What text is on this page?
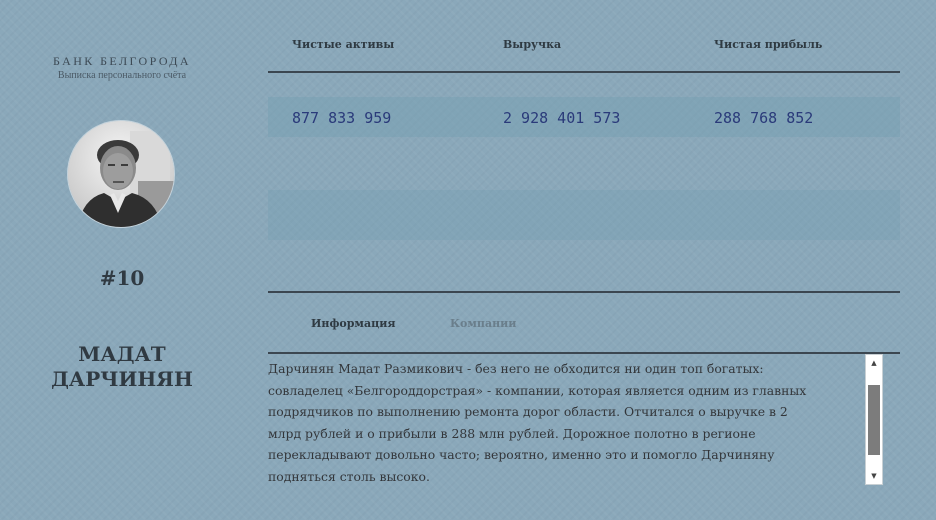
БАНК БЕЛГОРОДА
Выписка персонального счёта
#10
МАДАТ
ДАРЧИНЯН
Чистые активы	Выручка	Чистая прибыль
877 833 959	2 928 401 573	288 768 852
Информация	Компании
Дарчинян Мадат Размикович - без него не обходится ни один топ богатых:
совладелец «Белгороддорстрая» - компании, которая является одним из главных
подрядчиков по выполнению ремонта дорог области. Отчитался о выручке в 2
млрд рублей и о прибыли в 288 млн рублей. Дорожное полотно в регионе
перекладывают довольно часто; вероятно, именно это и помогло Дарчиняну
подняться столь высоко.
▲
▼
